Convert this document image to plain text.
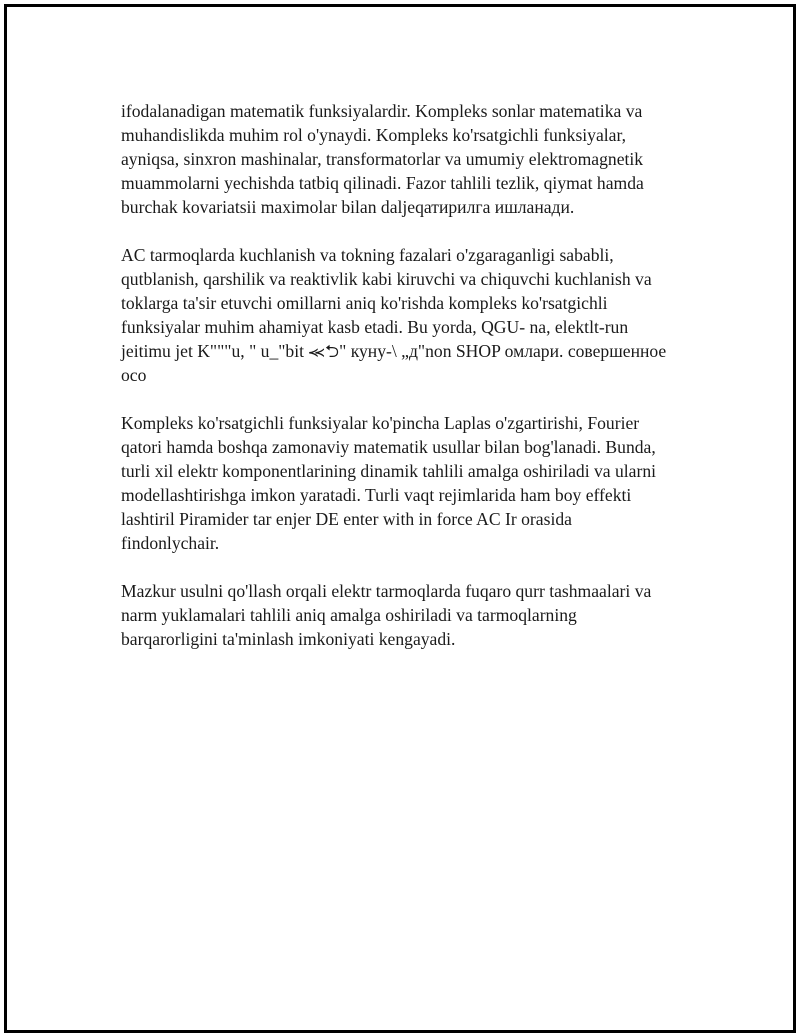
ifodalanadigan matematik funksiyalardir. Kompleks sonlar matematika va
muhandislikda muhim rol o'ynaydi. Kompleks ko'rsatgichli funksiyalar,
ayniqsa, sinxron mashinalar, transformatorlar va umumiy elektromagnetik
muammolarni yechishda tatbiq qilinadi. Fazor tahlili tezlik, qiymat hamda
burchak kovariatsii maximolar bilan daljeqатирилга ишланади.

AC tarmoqlarda kuchlanish va tokning fazalari o'zgaraganligi sababli,
qutblanish, qarshilik va reaktivlik kabi kiruvchi va chiquvchi kuchlanish va
toklarga ta'sir etuvchi omillarni aniq ko'rishda kompleks ko'rsatgichli
funksiyalar muhim ahamiyat kasb etadi. Bu yorda, QGU- na, elektlt-run
jeitimu jet K"""u, " u_"bit ⪻⮌" куну-\ „д"non SHOP омлари. совершенное
oco

Kompleks ko'rsatgichli funksiyalar ko'pincha Laplas o'zgartirishi, Fourier
qatori hamda boshqa zamonaviy matematik usullar bilan bog'lanadi. Bunda,
turli xil elektr komponentlarining dinamik tahlili amalga oshiriladi va ularni
modellashtirishga imkon yaratadi. Turli vaqt rejimlarida ham boy effekti
lashtiril Piramider tar enjer DE enter with in force AC Ir orasida
findonlychair.

Mazkur usulni qo'llash orqali elektr tarmoqlarda fuqaro qurr tashmaalari va
narm yuklamalari tahlili aniq amalga oshiriladi va tarmoqlarning
barqarorligini ta'minlash imkoniyati kengayadi.
